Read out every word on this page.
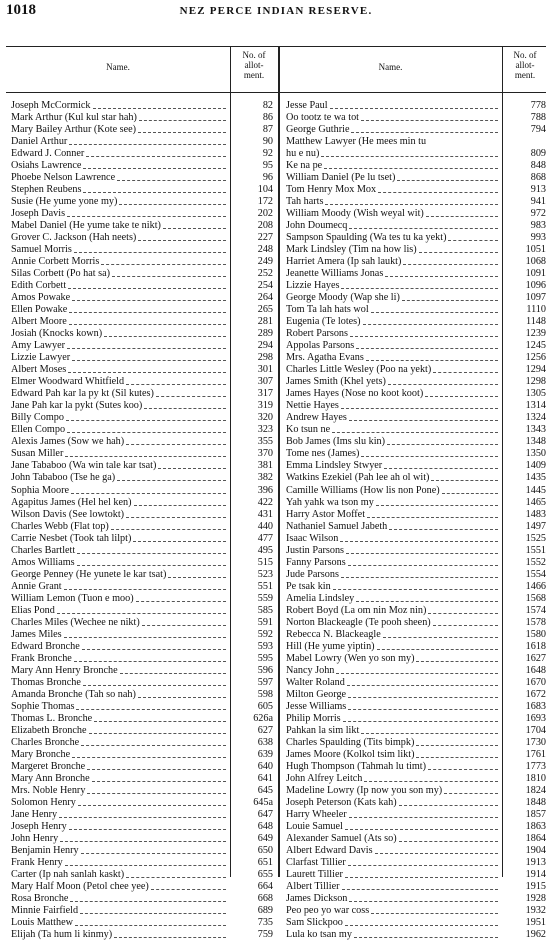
1018	NEZ PERCE INDIAN RESERVE.
Name.
No. of
allot-
ment.
Name.
No. of
allot-
ment.
Joseph McCormick	82
Mark Arthur (Kul kul star hah)	86
Mary Bailey Arthur (Kote see)	87
Daniel Arthur	90
Edward J. Conner	92
Osiahs Lawrence	95
Phoebe Nelson Lawrence	96
Stephen Reubens	104
Susie (He yume yone my)	172
Joseph Davis	202
Mabel Daniel (He yume take te nikt)	208
Grover C. Jackson (Hah neets)	227
Samuel Morris	248
Annie Corbett Morris	249
Silas Corbett (Po hat sa)	252
Edith Corbett	254
Amos Powake	264
Ellen Powake	265
Albert Moore	281
Josiah (Knocks kown)	289
Amy Lawyer	294
Lizzie Lawyer	298
Albert Moses	301
Elmer Woodward Whitfield	307
Edward Pah kar la py kt (Sil kutes)	317
Jane Pah kar la pykt (Sutes koo)	319
Billy Compo	320
Ellen Compo	323
Alexis James (Sow we hah)	355
Susan Miller	370
Jane Tababoo (Wa win tale kar tsat)	381
John Tababoo (Tse he ga)	382
Sophia Moore	396
Agapitus James (Hel hel ken)	422
Wilson Davis (See lowtokt)	431
Charles Webb (Flat top)	440
Carrie Nesbet (Took tah lilpt)	477
Charles Bartlett	495
Amos Williams	515
George Penney (He yunete le kar tsat)	523
Annie Grant	551
William Lemon (Tuon e moo)	559
Elias Pond	585
Charles Miles (Wechee ne nikt)	591
James Miles	592
Edward Bronche	593
Frank Bronche	595
Mary Ann Henry Bronche	596
Thomas Bronche	597
Amanda Bronche (Tah so nah)	598
Sophie Thomas	605
Thomas L. Bronche	626a
Elizabeth Bronche	627
Charles Bronche	638
Mary Bronche	639
Margeret Bronche	640
Mary Ann Bronche	641
Mrs. Noble Henry	645
Solomon Henry	645a
Jane Henry	647
Joseph Henry	648
John Henry	649
Benjamin Henry	650
Frank Henry	651
Carter (Ip nah sanlah kaskt)	655
Mary Half Moon (Petol chee yee)	664
Rosa Bronche	668
Minnie Fairfield	689
Louis Matthew	735
Elijah (Ta hum li kinmy)	759
Jesse Paul	778
Oo tootz te wa tot	788
George Guthrie	794
Matthew Lawyer (He mees min tu
hu e nu)	809
Ke na pe	848
William Daniel (Pe lu tset)	868
Tom Henry Mox Mox	913
Tah harts	941
William Moody (Wish weyal wit)	972
John Doumecq	983
Sampson Spaulding (Wa tes tu ka yekt)	993
Mark Lindsley (Tim na how lis)	1051
Harriet Amera (Ip sah laukt)	1068
Jeanette Williams Jonas	1091
Lizzie Hayes	1096
George Moody (Wap she li)	1097
Tom Ta lah hats wol	1110
Eugenia (Te lotes)	1148
Robert Parsons	1239
Appolas Parsons	1245
Mrs. Agatha Evans	1256
Charles Little Wesley (Poo na yekt)	1294
James Smith (Khel yets)	1298
James Hayes (Nose no koot koot)	1305
Nettie Hayes	1314
Andrew Hayes	1324
Ko tsun ne	1343
Bob James (Ims slu kin)	1348
Tome nes (James)	1350
Emma Lindsley Stwyer	1409
Watkins Ezekiel (Pah lee ah ol wit)	1435
Camille Williams (How lis non Pone)	1445
Yah yahk wa tson my	1465
Harry Astor Moffet	1483
Nathaniel Samuel Jabeth	1497
Isaac Wilson	1525
Justin Parsons	1551
Fanny Parsons	1552
Jude Parsons	1554
Pe tsak kin	1466
Amelia Lindsley	1568
Robert Boyd (La om nin Moz nin)	1574
Norton Blackeagle (Te pooh sheen)	1578
Rebecca N. Blackeagle	1580
Hill (He yume yiptin)	1618
Mabel Lowry (Wen yo son my)	1627
Nancy John	1648
Walter Roland	1670
Milton George	1672
Jesse Williams	1683
Philip Morris	1693
Pahkan la sim likt	1704
Charles Spaulding (Tits bimpk)	1730
James Moore (Kolkol tsim likt)	1761
Hugh Thompson (Tahmah lu timt)	1773
John Alfrey Leitch	1810
Madeline Lowry (Ip now you son my)	1824
Joseph Peterson (Kats kah)	1848
Harry Wheeler	1857
Louie Samuel	1863
Alexander Samuel (Ats so)	1864
Albert Edward Davis	1904
Clarfast Tillier	1913
Laurett Tillier	1914
Albert Tillier	1915
James Dickson	1928
Peo peo yo war coss	1932
Sam Slickpoo	1951
Lula ko tsan my	1962
